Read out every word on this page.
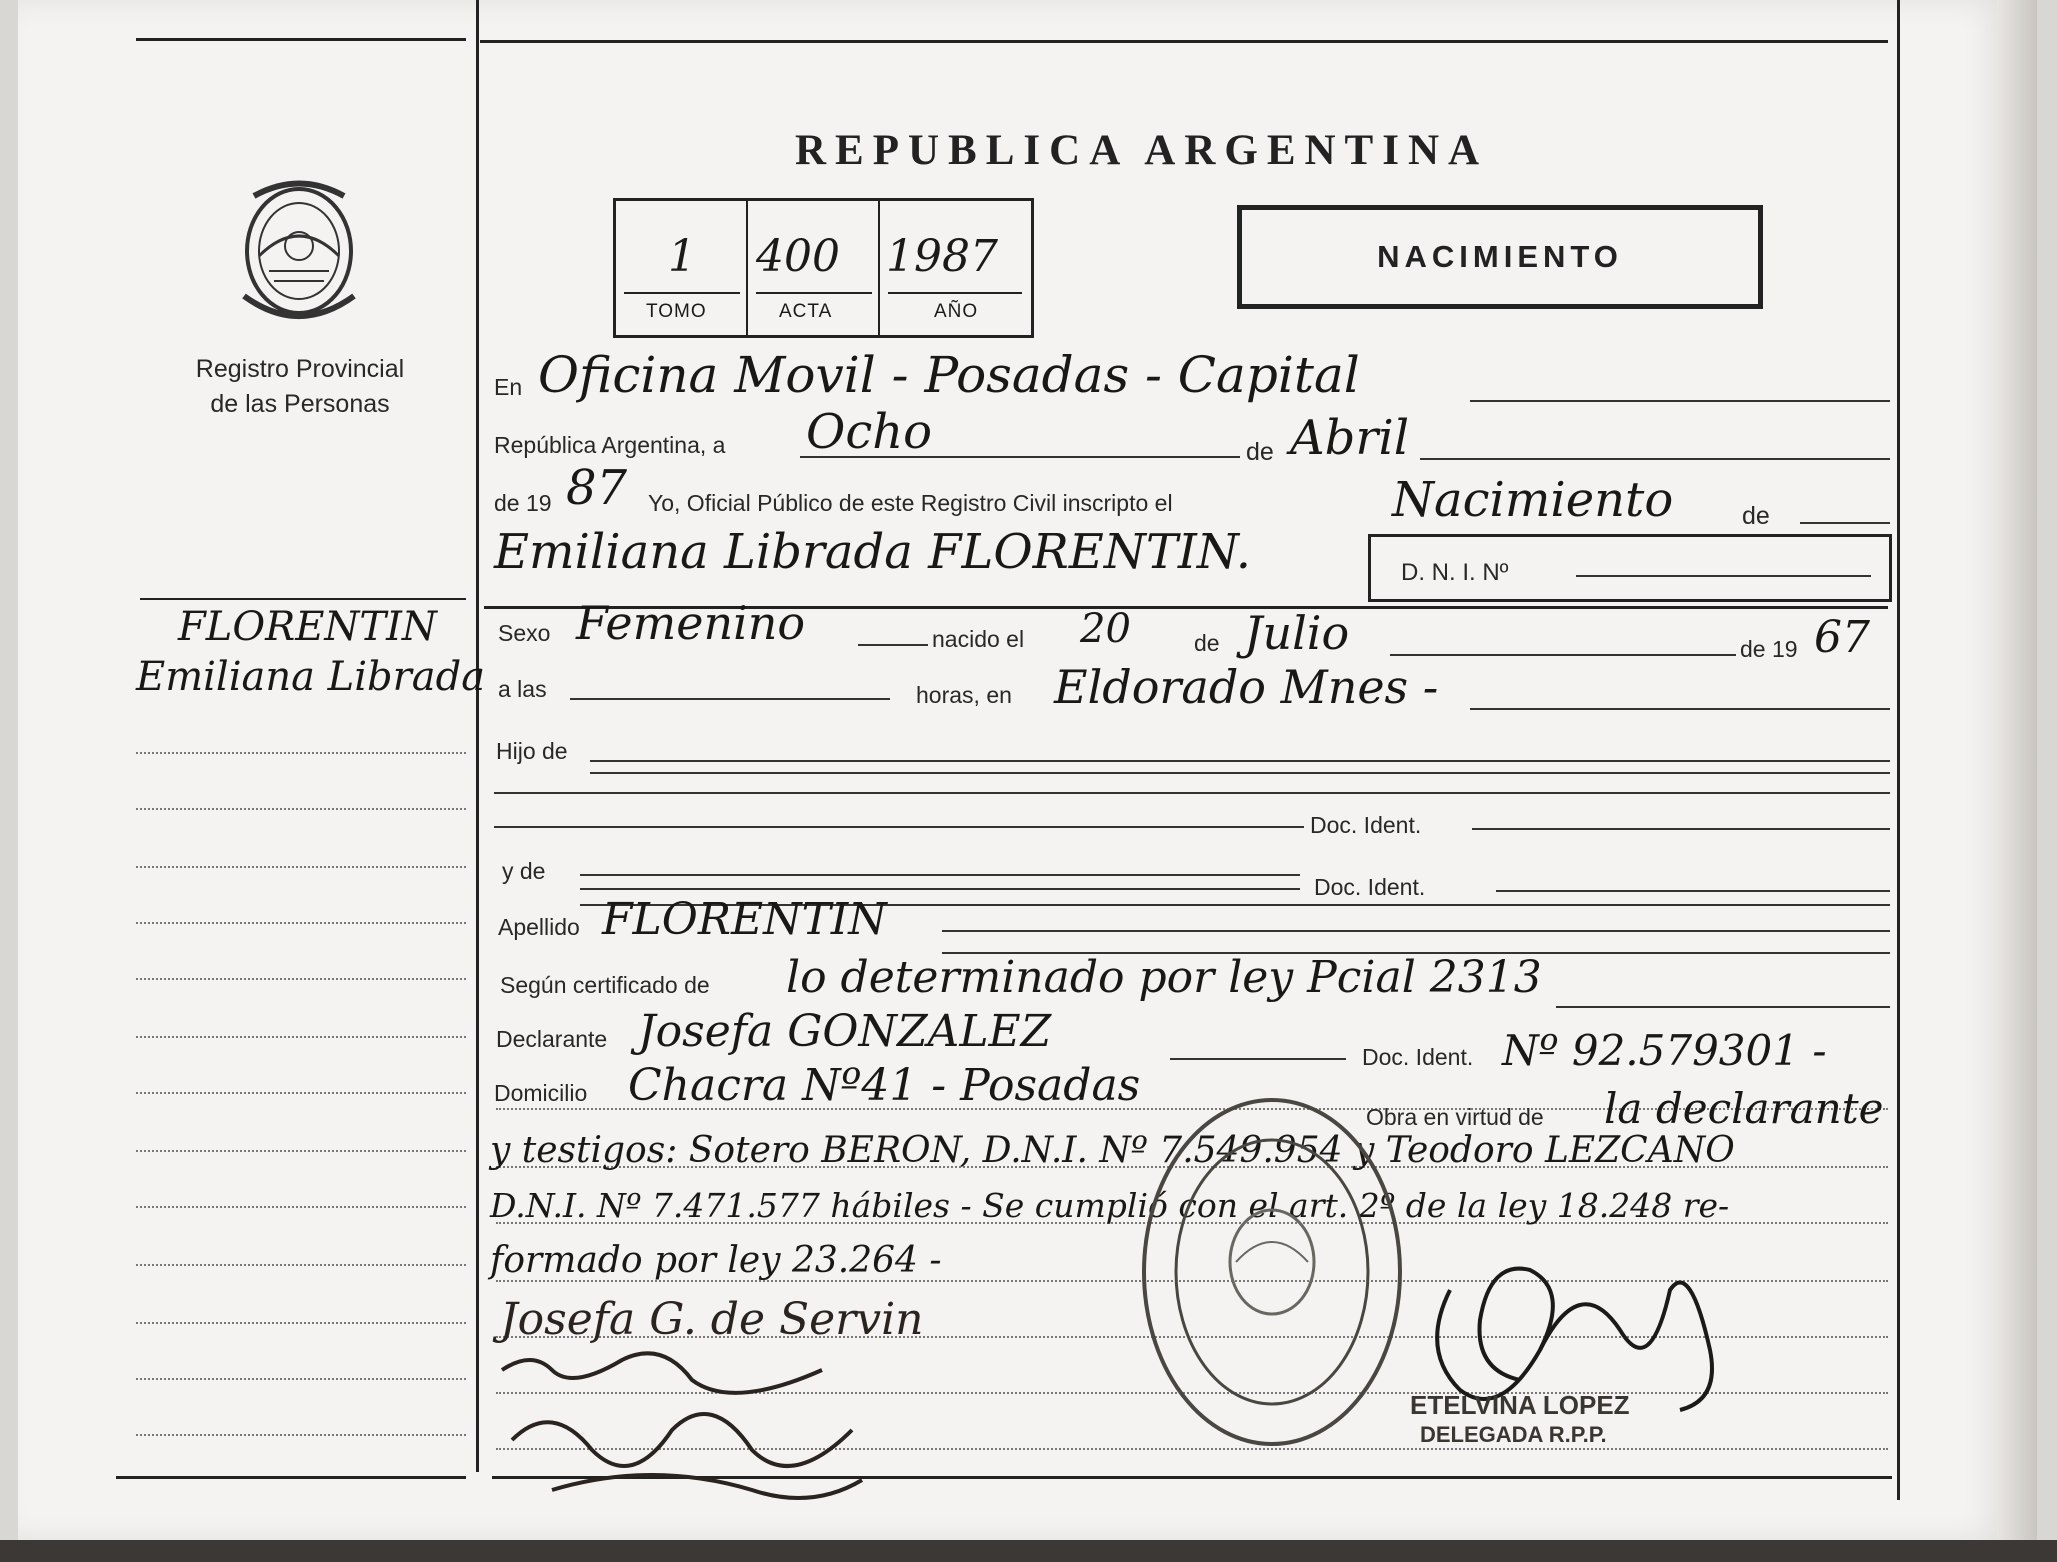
REPUBLICA ARGENTINA
Registro Provincial
de las Personas
1 400 1987
TOMO	ACTA	AÑO
NACIMIENTO
FLORENTIN
Emiliana Librada
En Oficina Movil - Posadas - Capital
República Argentina, a Ocho	de Abril
de 19 87 Yo, Oficial Público de este Registro Civil inscripto el	Nacimiento	de
Emiliana Librada FLORENTIN.	D. N. I. Nº
Sexo Femenino	nacido el 20	de Julio	de 19 67
a las	horas, en Eldorado Mnes -
Hijo de
Doc. Ident.
y de
Doc. Ident.
Apellido FLORENTIN
Según certificado de lo determinado por ley Pcial 2313
Declarante Josefa GONZALEZ	Doc. Ident. Nº 92.579301 -
Domicilio Chacra Nº41 - Posadas
Obra en virtud de la declarante
y testigos: Sotero BERON, D.N.I. Nº 7.549.954 y Teodoro LEZCANO
D.N.I. Nº 7.471.577 hábiles - Se cumplió con el art. 2º de la ley 18.248 re-
formado por ley 23.264 -
Josefa G. de Servin
ETELVINA LOPEZ
DELEGADA R.P.P.
